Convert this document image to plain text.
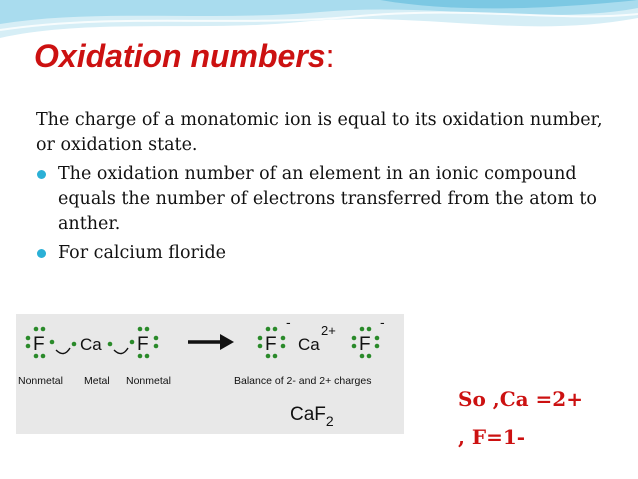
Oxidation numbers:

The charge of a monatomic ion is equal to its oxidation number, or oxidation state.

The oxidation number of an element in an ionic compound equals the number of electrons transferred from the atom to anther.

For calcium floride

F Ca F	F
-
Ca
2+
F
-
Nonmetal Metal Nonmetal	Balance of 2- and 2+ charges
CaF$_2$

So ,Ca =2+

, F=1-
